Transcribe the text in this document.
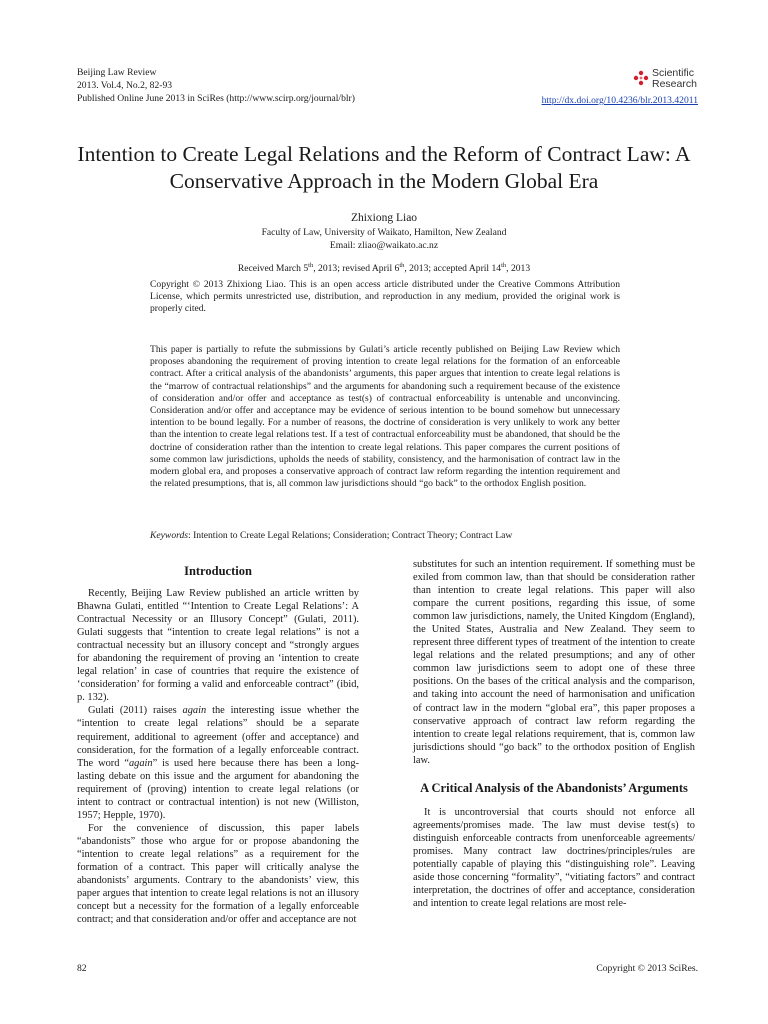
Beijing Law Review
2013. Vol.4, No.2, 82-93
Published Online June 2013 in SciRes (http://www.scirp.org/journal/blr)
Scientific
Research
http://dx.doi.org/10.4236/blr.2013.42011
Intention to Create Legal Relations and the Reform of Contract Law: A Conservative Approach in the Modern Global Era
Zhixiong Liao
Faculty of Law, University of Waikato, Hamilton, New Zealand
Email: zliao@waikato.ac.nz
Received March 5th, 2013; revised April 6th, 2013; accepted April 14th, 2013
Copyright © 2013 Zhixiong Liao. This is an open access article distributed under the Creative Commons Attribution License, which permits unrestricted use, distribution, and reproduction in any medium, provided the original work is properly cited.
This paper is partially to refute the submissions by Gulati’s article recently published on Beijing Law Review which proposes abandoning the requirement of proving intention to create legal relations for the formation of an enforceable contract. After a critical analysis of the abandonists’ arguments, this paper argues that intention to create legal relations is the “marrow of contractual relationships” and the arguments for abandoning such a requirement because of the existence of consideration and/or offer and acceptance as test(s) of contractual enforceability is untenable and unconvincing. Consideration and/or offer and acceptance may be evidence of serious intention to be bound somehow but unnecessary intention to be bound legally. For a number of reasons, the doctrine of consideration is very unlikely to work any better than the intention to create legal relations test. If a test of contractual enforceability must be abandoned, that should be the doctrine of consideration rather than the intention to create legal relations. This paper compares the current positions of some common law jurisdictions, upholds the needs of stability, consistency, and the harmonisation of contract law in the modern global era, and proposes a conservative approach of contract law reform regarding the intention requirement and the related presumptions, that is, all common law jurisdictions should “go back” to the orthodox English position.
Keywords: Intention to Create Legal Relations; Consideration; Contract Theory; Contract Law
Introduction

Recently, Beijing Law Review published an article written by Bhawna Gulati, entitled “‘Intention to Create Legal Relations’: A Contractual Necessity or an Illusory Concept” (Gulati, 2011). Gulati suggests that “intention to create legal relations” is not a contractual necessity but an illusory concept and “strongly argues for abandoning the requirement of proving an ‘intention to create legal relation’ in case of countries that require the existence of ‘consideration’ for forming a valid and enforceable contract” (ibid, p. 132).

Gulati (2011) raises again the interesting issue whether the “intention to create legal relations” should be a separate requirement, additional to agreement (offer and acceptance) and consideration, for the formation of a legally enforceable contract. The word “again” is used here because there has been a long-lasting debate on this issue and the argument for abandoning the requirement of (proving) intention to create legal relations (or intent to contract or contractual intention) is not new (Williston, 1957; Hepple, 1970).

For the convenience of discussion, this paper labels “abandonists” those who argue for or propose abandoning the “intention to create legal relations” as a requirement for the formation of a contract. This paper will critically analyse the abandonists’ arguments. Contrary to the abandonists’ view, this paper argues that intention to create legal relations is not an illusory concept but a necessity for the formation of a legally enforceable contract; and that consideration and/or offer and acceptance are not

substitutes for such an intention requirement. If something must be exiled from common law, than that should be consideration rather than intention to create legal relations. This paper will also compare the current positions, regarding this issue, of some common law jurisdictions, namely, the United Kingdom (England), the United States, Australia and New Zealand. They seem to represent three different types of treatment of the intention to create legal relations and the related presumptions; and any of other common law jurisdictions seem to adopt one of these three positions. On the bases of the critical analysis and the comparison, and taking into account the need of harmonisation and unification of contract law in the modern “global era”, this paper proposes a conservative approach of contract law reform regarding the intention to create legal relations requirement, that is, common law jurisdictions should “go back” to the orthodox position of English law.

A Critical Analysis of the Abandonists’ Arguments

It is uncontroversial that courts should not enforce all agreements/promises made. The law must devise test(s) to distinguish enforceable contracts from unenforceable agreements/ promises. Many contract law doctrines/principles/rules are potentially capable of playing this “distinguishing role”. Leaving aside those concerning “formality”, “vitiating factors” and contract interpretation, the doctrines of offer and acceptance, consideration and intention to create legal relations are most rele-

82	Copyright © 2013 SciRes.
